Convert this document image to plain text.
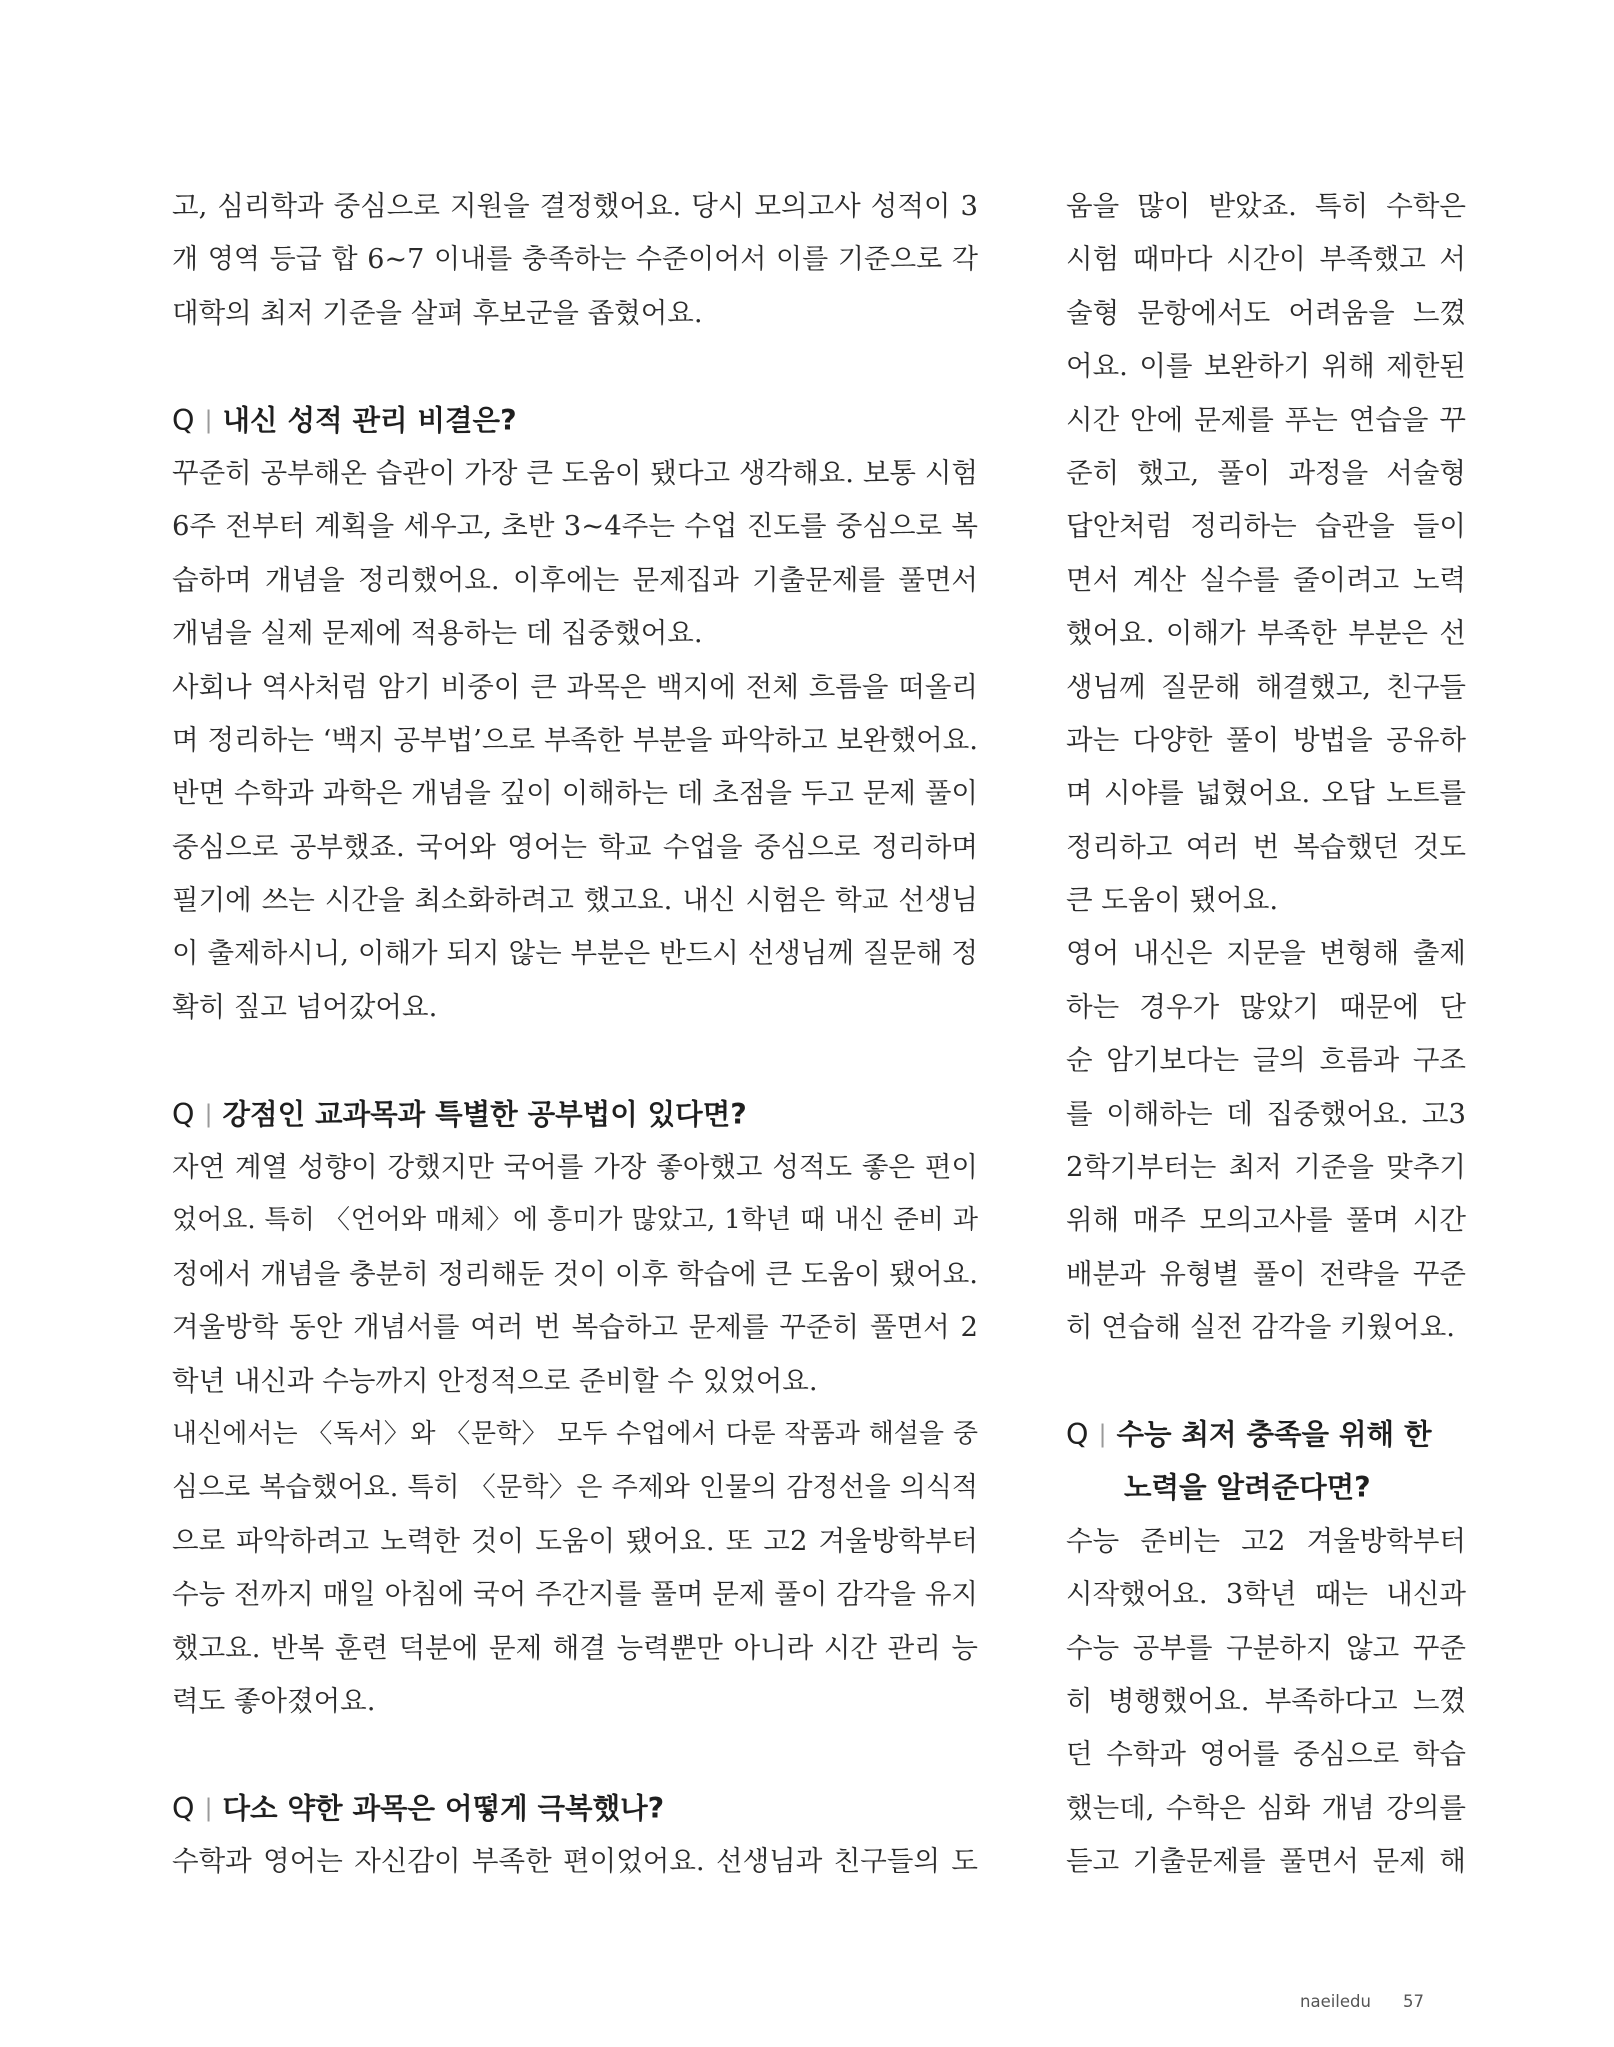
고, 심리학과 중심으로 지원을 결정했어요. 당시 모의고사 성적이 3
개 영역 등급 합 6~7 이내를 충족하는 수준이어서 이를 기준으로 각
대학의 최저 기준을 살펴 후보군을 좁혔어요.
Q | 내신 성적 관리 비결은?
꾸준히 공부해온 습관이 가장 큰 도움이 됐다고 생각해요. 보통 시험
6주 전부터 계획을 세우고, 초반 3~4주는 수업 진도를 중심으로 복
습하며 개념을 정리했어요. 이후에는 문제집과 기출문제를 풀면서
개념을 실제 문제에 적용하는 데 집중했어요.
사회나 역사처럼 암기 비중이 큰 과목은 백지에 전체 흐름을 떠올리
며 정리하는 ‘백지 공부법’으로 부족한 부분을 파악하고 보완했어요.
반면 수학과 과학은 개념을 깊이 이해하는 데 초점을 두고 문제 풀이
중심으로 공부했죠. 국어와 영어는 학교 수업을 중심으로 정리하며
필기에 쓰는 시간을 최소화하려고 했고요. 내신 시험은 학교 선생님
이 출제하시니, 이해가 되지 않는 부분은 반드시 선생님께 질문해 정
확히 짚고 넘어갔어요.
Q | 강점인 교과목과 특별한 공부법이 있다면?
자연 계열 성향이 강했지만 국어를 가장 좋아했고 성적도 좋은 편이
었어요. 특히 〈언어와 매체〉에 흥미가 많았고, 1학년 때 내신 준비 과
정에서 개념을 충분히 정리해둔 것이 이후 학습에 큰 도움이 됐어요.
겨울방학 동안 개념서를 여러 번 복습하고 문제를 꾸준히 풀면서 2
학년 내신과 수능까지 안정적으로 준비할 수 있었어요.
내신에서는 〈독서〉와 〈문학〉 모두 수업에서 다룬 작품과 해설을 중
심으로 복습했어요. 특히 〈문학〉은 주제와 인물의 감정선을 의식적
으로 파악하려고 노력한 것이 도움이 됐어요. 또 고2 겨울방학부터
수능 전까지 매일 아침에 국어 주간지를 풀며 문제 풀이 감각을 유지
했고요. 반복 훈련 덕분에 문제 해결 능력뿐만 아니라 시간 관리 능
력도 좋아졌어요.
Q | 다소 약한 과목은 어떻게 극복했나?
수학과 영어는 자신감이 부족한 편이었어요. 선생님과 친구들의 도
움을 많이 받았죠. 특히 수학은
시험 때마다 시간이 부족했고 서
술형 문항에서도 어려움을 느꼈
어요. 이를 보완하기 위해 제한된
시간 안에 문제를 푸는 연습을 꾸
준히 했고, 풀이 과정을 서술형
답안처럼 정리하는 습관을 들이
면서 계산 실수를 줄이려고 노력
했어요. 이해가 부족한 부분은 선
생님께 질문해 해결했고, 친구들
과는 다양한 풀이 방법을 공유하
며 시야를 넓혔어요. 오답 노트를
정리하고 여러 번 복습했던 것도
큰 도움이 됐어요.
영어 내신은 지문을 변형해 출제
하는 경우가 많았기 때문에 단
순 암기보다는 글의 흐름과 구조
를 이해하는 데 집중했어요. 고3
2학기부터는 최저 기준을 맞추기
위해 매주 모의고사를 풀며 시간
배분과 유형별 풀이 전략을 꾸준
히 연습해 실전 감각을 키웠어요.
Q | 수능 최저 충족을 위해 한
노력을 알려준다면?
수능 준비는 고2 겨울방학부터
시작했어요. 3학년 때는 내신과
수능 공부를 구분하지 않고 꾸준
히 병행했어요. 부족하다고 느꼈
던 수학과 영어를 중심으로 학습
했는데, 수학은 심화 개념 강의를
듣고 기출문제를 풀면서 문제 해
naeiledu 57
